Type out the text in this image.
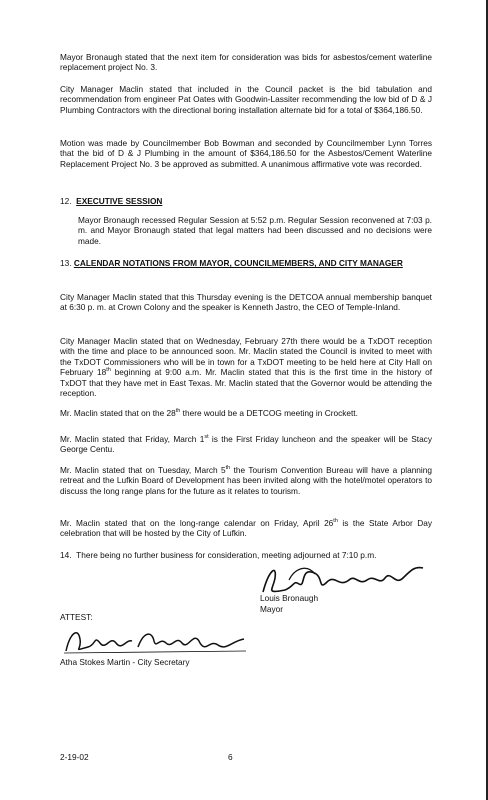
Mayor Bronaugh stated that the next item for consideration was bids for asbestos/cement waterline replacement project No. 3.

City Manager Maclin stated that included in the Council packet is the bid tabulation and recommendation from engineer Pat Oates with Goodwin-Lassiter recommending the low bid of D & J Plumbing Contractors with the directional boring installation alternate bid for a total of $364,186.50.

Motion was made by Councilmember Bob Bowman and seconded by Councilmember Lynn Torres that the bid of D & J Plumbing in the amount of $364,186.50 for the Asbestos/Cement Waterline Replacement Project No. 3 be approved as submitted. A unanimous affirmative vote was recorded.

12. EXECUTIVE SESSION

Mayor Bronaugh recessed Regular Session at 5:52 p.m. Regular Session reconvened at 7:03 p. m. and Mayor Bronaugh stated that legal matters had been discussed and no decisions were made.

13. CALENDAR NOTATIONS FROM MAYOR, COUNCILMEMBERS, AND CITY MANAGER

City Manager Maclin stated that this Thursday evening is the DETCOA annual membership banquet at 6:30 p. m. at Crown Colony and the speaker is Kenneth Jastro, the CEO of Temple-Inland.

City Manager Maclin stated that on Wednesday, February 27th there would be a TxDOT reception with the time and place to be announced soon. Mr. Maclin stated the Council is invited to meet with the TxDOT Commissioners who will be in town for a TxDOT meeting to be held here at City Hall on February 18th beginning at 9:00 a.m. Mr. Maclin stated that this is the first time in the history of TxDOT that they have met in East Texas. Mr. Maclin stated that the Governor would be attending the reception.

Mr. Maclin stated that on the 28th there would be a DETCOG meeting in Crockett.

Mr. Maclin stated that Friday, March 1st is the First Friday luncheon and the speaker will be Stacy George Centu.

Mr. Maclin stated that on Tuesday, March 5th the Tourism Convention Bureau will have a planning retreat and the Lufkin Board of Development has been invited along with the hotel/motel operators to discuss the long range plans for the future as it relates to tourism.

Mr. Maclin stated that on the long-range calendar on Friday, April 26th is the State Arbor Day celebration that will be hosted by the City of Lufkin.

14. There being no further business for consideration, meeting adjourned at 7:10 p.m.
Louis Bronaugh
Mayor
ATTEST:
Atha Stokes Martin - City Secretary
2-19-02	6
